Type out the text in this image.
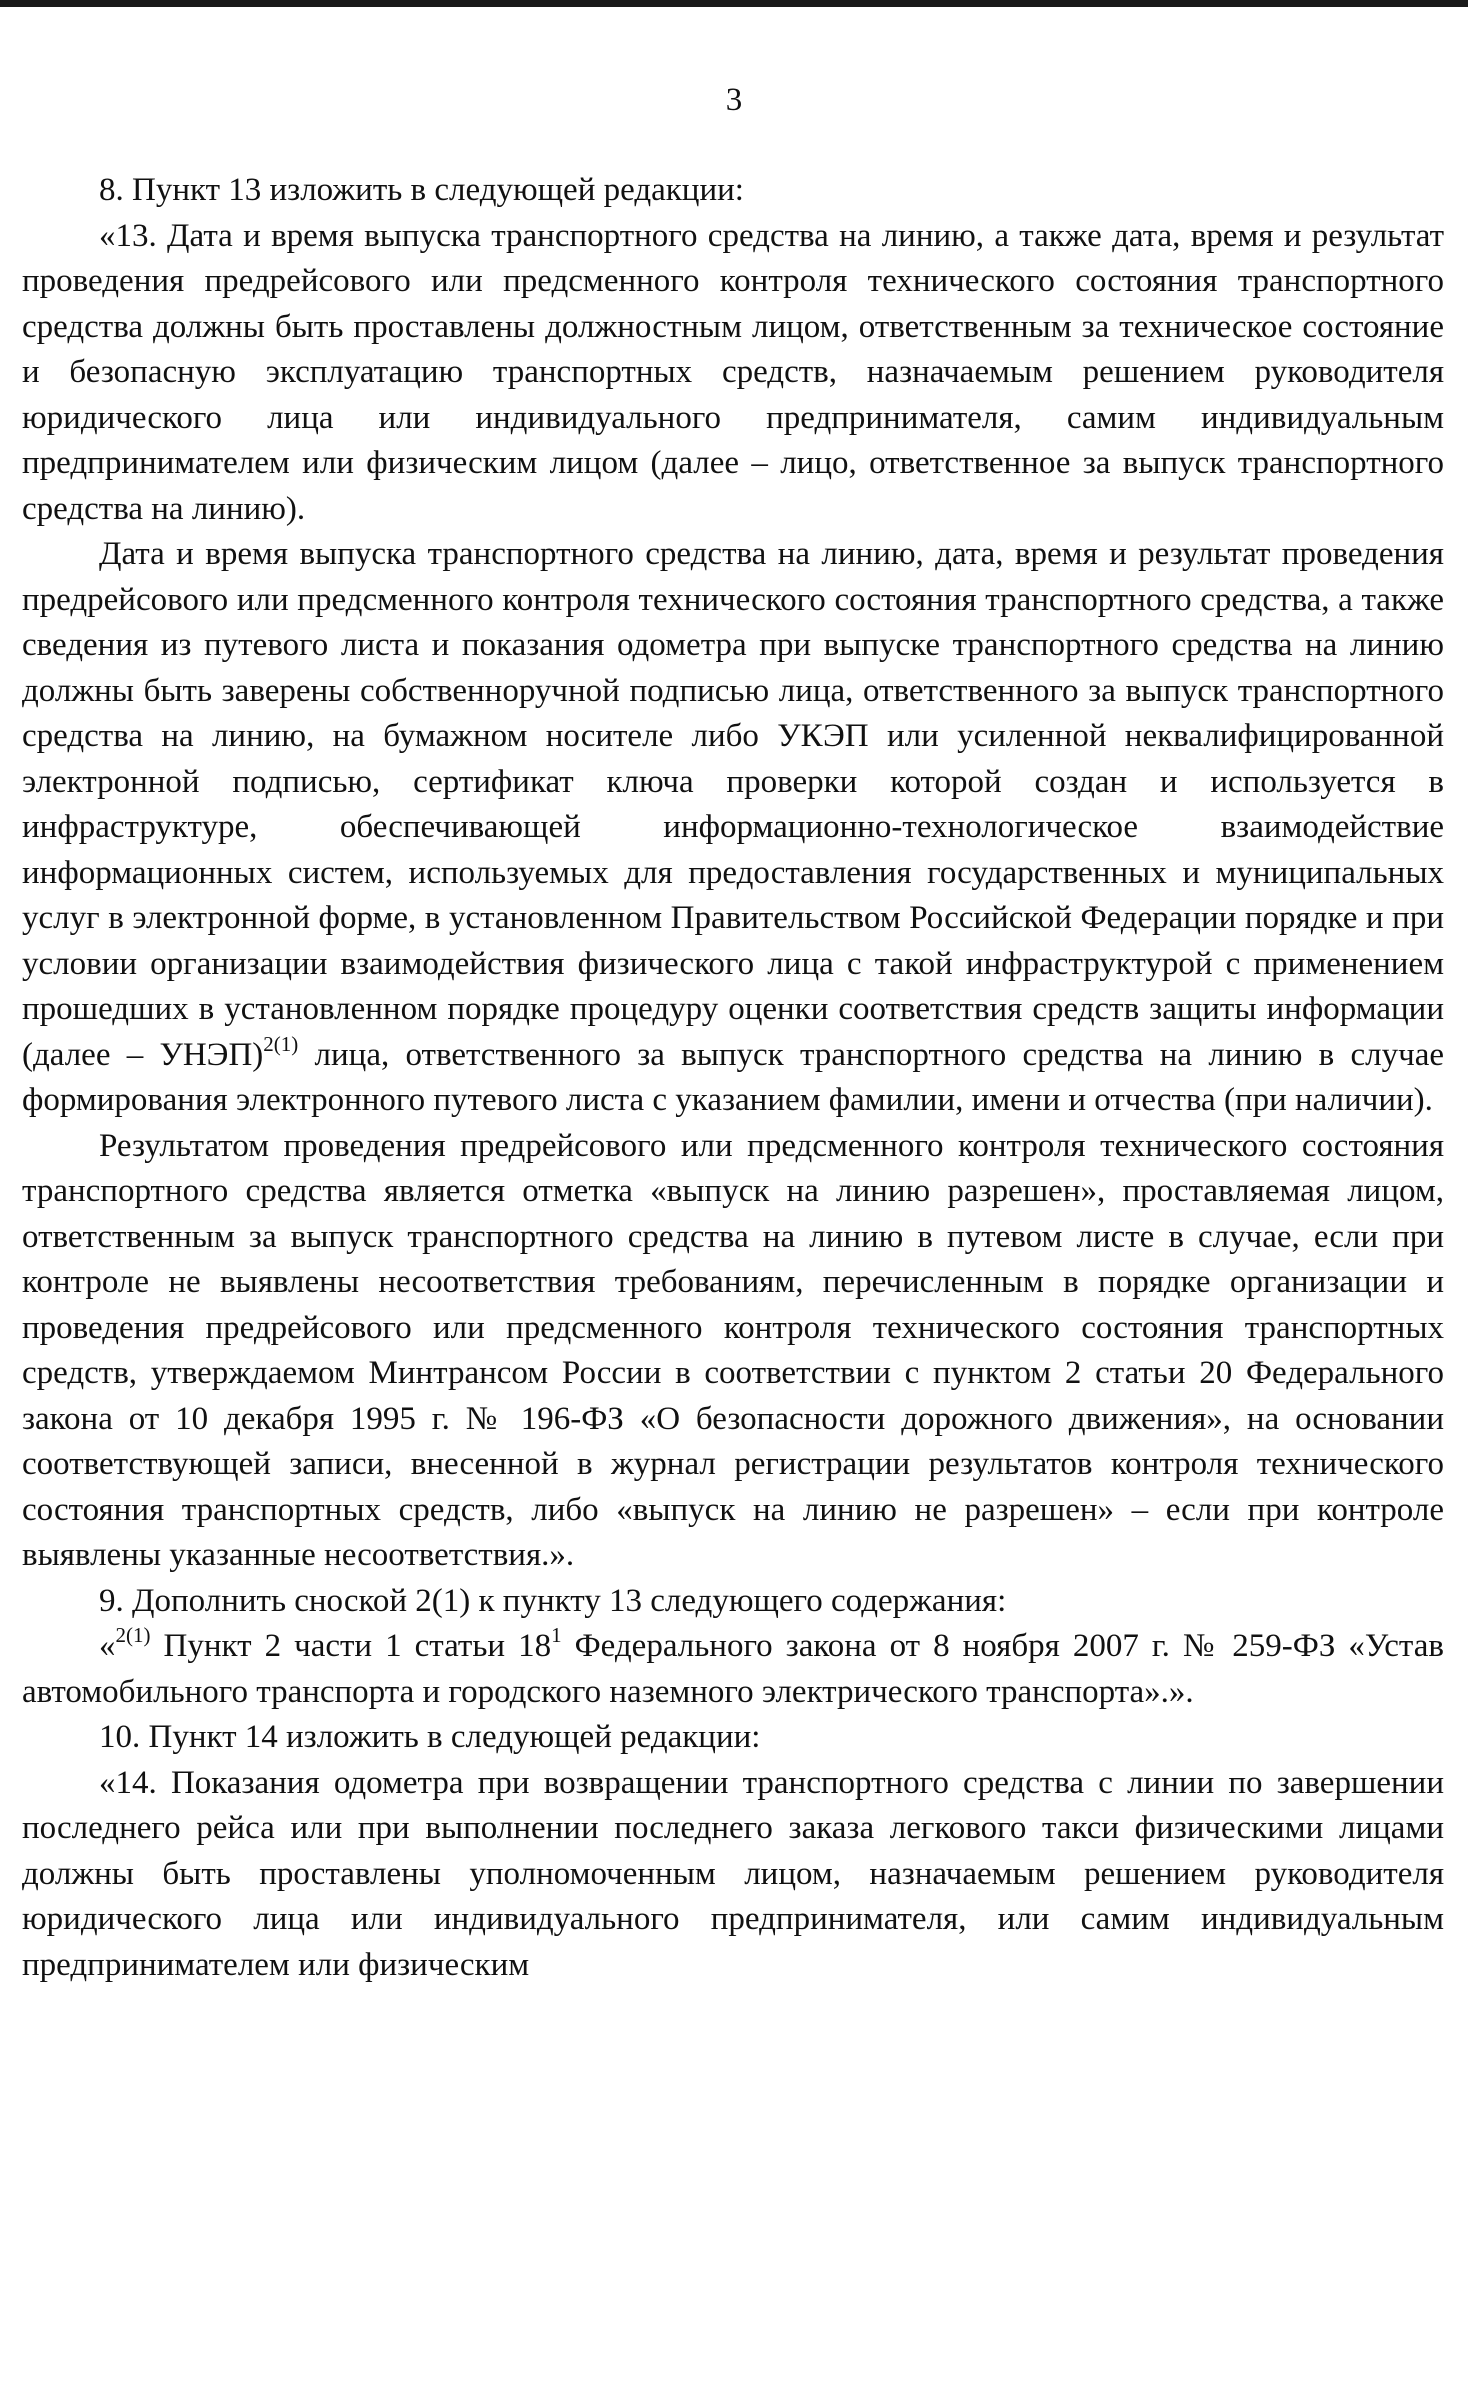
3

8. Пункт 13 изложить в следующей редакции:

«13. Дата и время выпуска транспортного средства на линию, а также дата, время и результат проведения предрейсового или предсменного контроля технического состояния транспортного средства должны быть проставлены должностным лицом, ответственным за техническое состояние и безопасную эксплуатацию транспортных средств, назначаемым решением руководителя юридического лица или индивидуального предпринимателя, самим индивидуальным предпринимателем или физическим лицом (далее – лицо, ответственное за выпуск транспортного средства на линию).

Дата и время выпуска транспортного средства на линию, дата, время и результат проведения предрейсового или предсменного контроля технического состояния транспортного средства, а также сведения из путевого листа и показания одометра при выпуске транспортного средства на линию должны быть заверены собственноручной подписью лица, ответственного за выпуск транспортного средства на линию, на бумажном носителе либо УКЭП или усиленной неквалифицированной электронной подписью, сертификат ключа проверки которой создан и используется в инфраструктуре, обеспечивающей информационно-технологическое взаимодействие информационных систем, используемых для предоставления государственных и муниципальных услуг в электронной форме, в установленном Правительством Российской Федерации порядке и при условии организации взаимодействия физического лица с такой инфраструктурой с применением прошедших в установленном порядке процедуру оценки соответствия средств защиты информации (далее – УНЭП)$^{2(1)}$ лица, ответственного за выпуск транспортного средства на линию в случае формирования электронного путевого листа с указанием фамилии, имени и отчества (при наличии).

Результатом проведения предрейсового или предсменного контроля технического состояния транспортного средства является отметка «выпуск на линию разрешен», проставляемая лицом, ответственным за выпуск транспортного средства на линию в путевом листе в случае, если при контроле не выявлены несоответствия требованиям, перечисленным в порядке организации и проведения предрейсового или предсменного контроля технического состояния транспортных средств, утверждаемом Минтрансом России в соответствии с пунктом 2 статьи 20 Федерального закона от 10 декабря 1995 г. № 196-ФЗ «О безопасности дорожного движения», на основании соответствующей записи, внесенной в журнал регистрации результатов контроля технического состояния транспортных средств, либо «выпуск на линию не разрешен» – если при контроле выявлены указанные несоответствия.».

9. Дополнить сноской 2(1) к пункту 13 следующего содержания:

«$^{2(1)}$ Пункт 2 части 1 статьи $18^1$ Федерального закона от 8 ноября 2007 г. № 259-ФЗ «Устав автомобильного транспорта и городского наземного электрического транспорта».».

10. Пункт 14 изложить в следующей редакции:

«14. Показания одометра при возвращении транспортного средства с линии по завершении последнего рейса или при выполнении последнего заказа легкового такси физическими лицами должны быть проставлены уполномоченным лицом, назначаемым решением руководителя юридического лица или индивидуального предпринимателя, или самим индивидуальным предпринимателем или физическим
